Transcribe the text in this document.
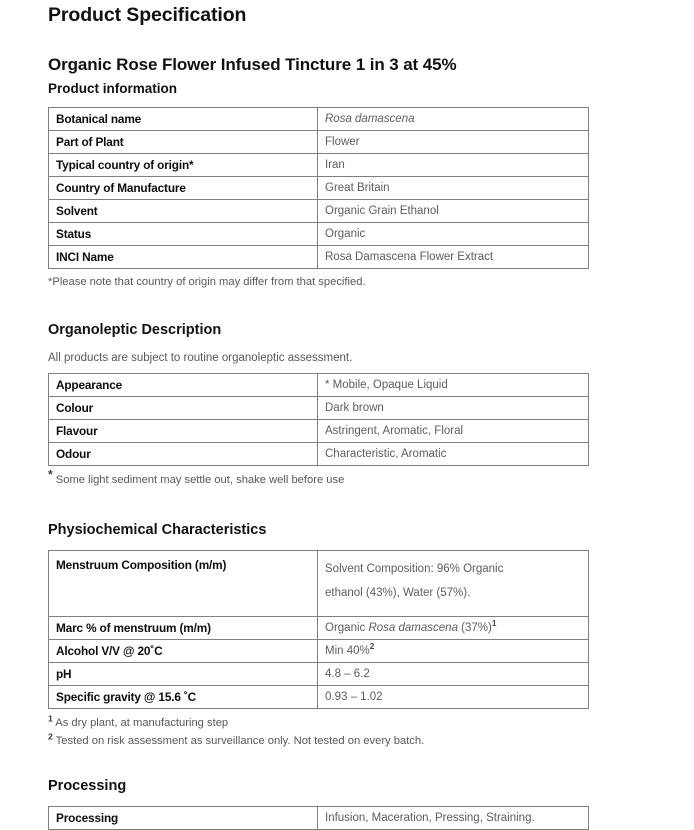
Product Specification
Organic Rose Flower Infused Tincture 1 in 3 at 45%
Product information
Botanical name	Rosa damascena
Part of Plant	Flower
Typical country of origin*	Iran
Country of Manufacture	Great Britain
Solvent	Organic Grain Ethanol
Status	Organic
INCI Name	Rosa Damascena Flower Extract

*Please note that country of origin may differ from that specified.

Organoleptic Description

All products are subject to routine organoleptic assessment.

Appearance	* Mobile, Opaque Liquid
Colour	Dark brown
Flavour	Astringent, Aromatic, Floral
Odour	Characteristic, Aromatic

* Some light sediment may settle out, shake well before use

Physiochemical Characteristics
Menstruum Composition (m/m)	Solvent Composition: 96% Organic
ethanol (43%), Water (57%).
Marc % of menstruum (m/m)	Organic Rosa damascena $(37\%)^1$
Alcohol V/V @ 20˚C	Min 40%$^2$
pH	4.8 – 6.2
Specific gravity @ 15.6 ˚C	0.93 – 1.02

$^1$ As dry plant, at manufacturing step

$^2$ Tested on risk assessment as surveillance only. Not tested on every batch.

Processing
Processing	Infusion, Maceration, Pressing, Straining.
